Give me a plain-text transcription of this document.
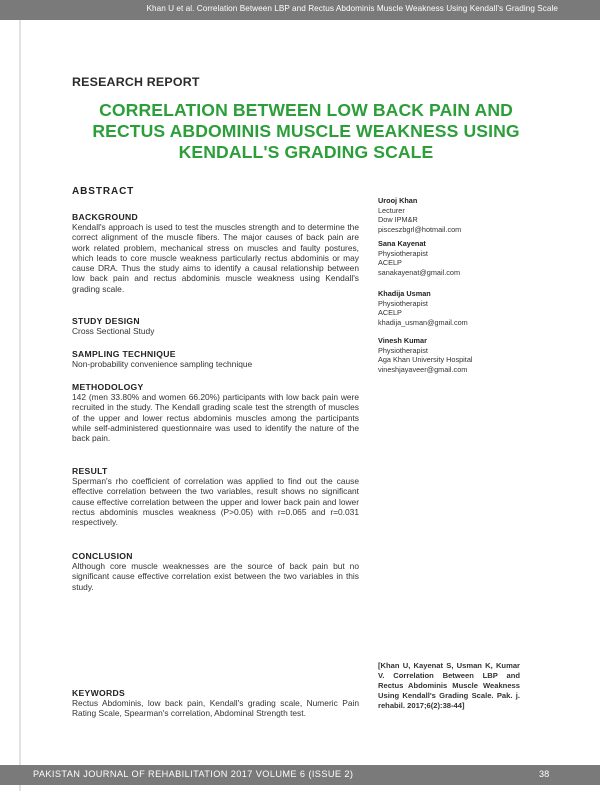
Khan U et al. Correlation Between LBP and Rectus Abdominis Muscle Weakness Using Kendall's Grading Scale
RESEARCH REPORT
CORRELATION BETWEEN LOW BACK PAIN AND RECTUS ABDOMINIS MUSCLE WEAKNESS USING KENDALL'S GRADING SCALE
ABSTRACT
BACKGROUND
Kendall's approach is used to test the muscles strength and to determine the correct alignment of the muscle fibers. The major causes of back pain are work related problem, mechanical stress on muscles and faulty postures, which leads to core muscle weakness particularly rectus abdominis or may cause DRA. Thus the study aims to identify a causal relationship between low back pain and rectus abdominis muscle weakness using Kendall's grading scale.
STUDY DESIGN
Cross Sectional Study
SAMPLING TECHNIQUE
Non-probability convenience sampling technique
METHODOLOGY
142 (men 33.80% and women 66.20%) participants with low back pain were recruited in the study. The Kendall grading scale test the strength of muscles of the upper and lower rectus abdominis muscles among the participants while self-administered questionnaire was used to identify the nature of the back pain.
RESULT
Sperman's rho coefficient of correlation was applied to find out the cause effective correlation between the two variables, result shows no significant cause effective correlation between the upper and lower back pain and lower rectus abdominis muscles weakness (P>0.05) with r=0.065 and r=0.031 respectively.
CONCLUSION
Although core muscle weaknesses are the source of back pain but no significant cause effective correlation exist between the two variables in this study.
KEYWORDS
Rectus Abdominis, low back pain, Kendall's grading scale, Numeric Pain Rating Scale, Spearman's correlation, Abdominal Strength test.
Urooj Khan
Lecturer
Dow IPM&R
pisceszbgrl@hotmail.com
Sana Kayenat
Physiotherapist
ACELP
sanakayenat@gmail.com
Khadija Usman
Physiotherapist
ACELP
khadija_usman@gmail.com
Vinesh Kumar
Physiotherapist
Aga Khan University Hospital
vineshjayaveer@gmail.com
[Khan U, Kayenat S, Usman K, Kumar V. Correlation Between LBP and Rectus Abdominis Muscle Weakness Using Kendall's Grading Scale. Pak. j. rehabil. 2017;6(2):38-44]
PAKISTAN JOURNAL OF REHABILITATION 2017 VOLUME 6 (ISSUE 2)	38
